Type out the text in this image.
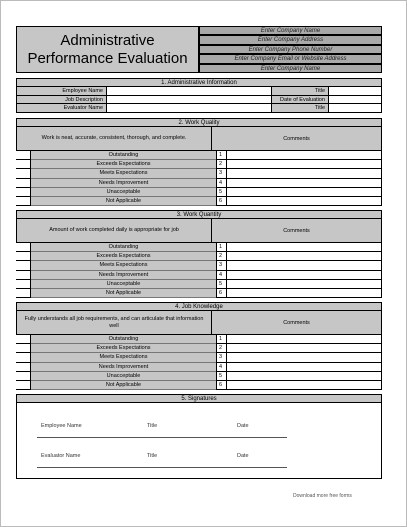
Administrative
Performance Evaluation
Enter Company Name
Enter Company Address
Enter Company Phone Number
Enter Company Email or Website Address
Enter Company Name
1. Administrative Information
Employee Name	Title
Job Description	Date of Evaluation
Evaluator Name	Title
2. Work Quality
Work is neat, accurate, consistent, thorough, and complete.	Comments
Outstanding	1
Exceeds Expectations	2
Meets Expectations	3
Needs Improvement	4
Unacceptable	5
Not Applicable	6
3. Work Quantity
Amount of work completed daily is appropriate for job	Comments
Outstanding	1
Exceeds Expectations	2
Meets Expectations	3
Needs Improvement	4
Unacceptable	5
Not Applicable	6
4. Job Knowledge
Fully understands all job requirements, and can articulate that information well	Comments
Outstanding	1
Exceeds Expectations	2
Meets Expectations	3
Needs Improvement	4
Unacceptable	5
Not Applicable	6
5. Signatures
Employee Name	Title	Date
Evaluator Name	Title	Date
Download more free forms
